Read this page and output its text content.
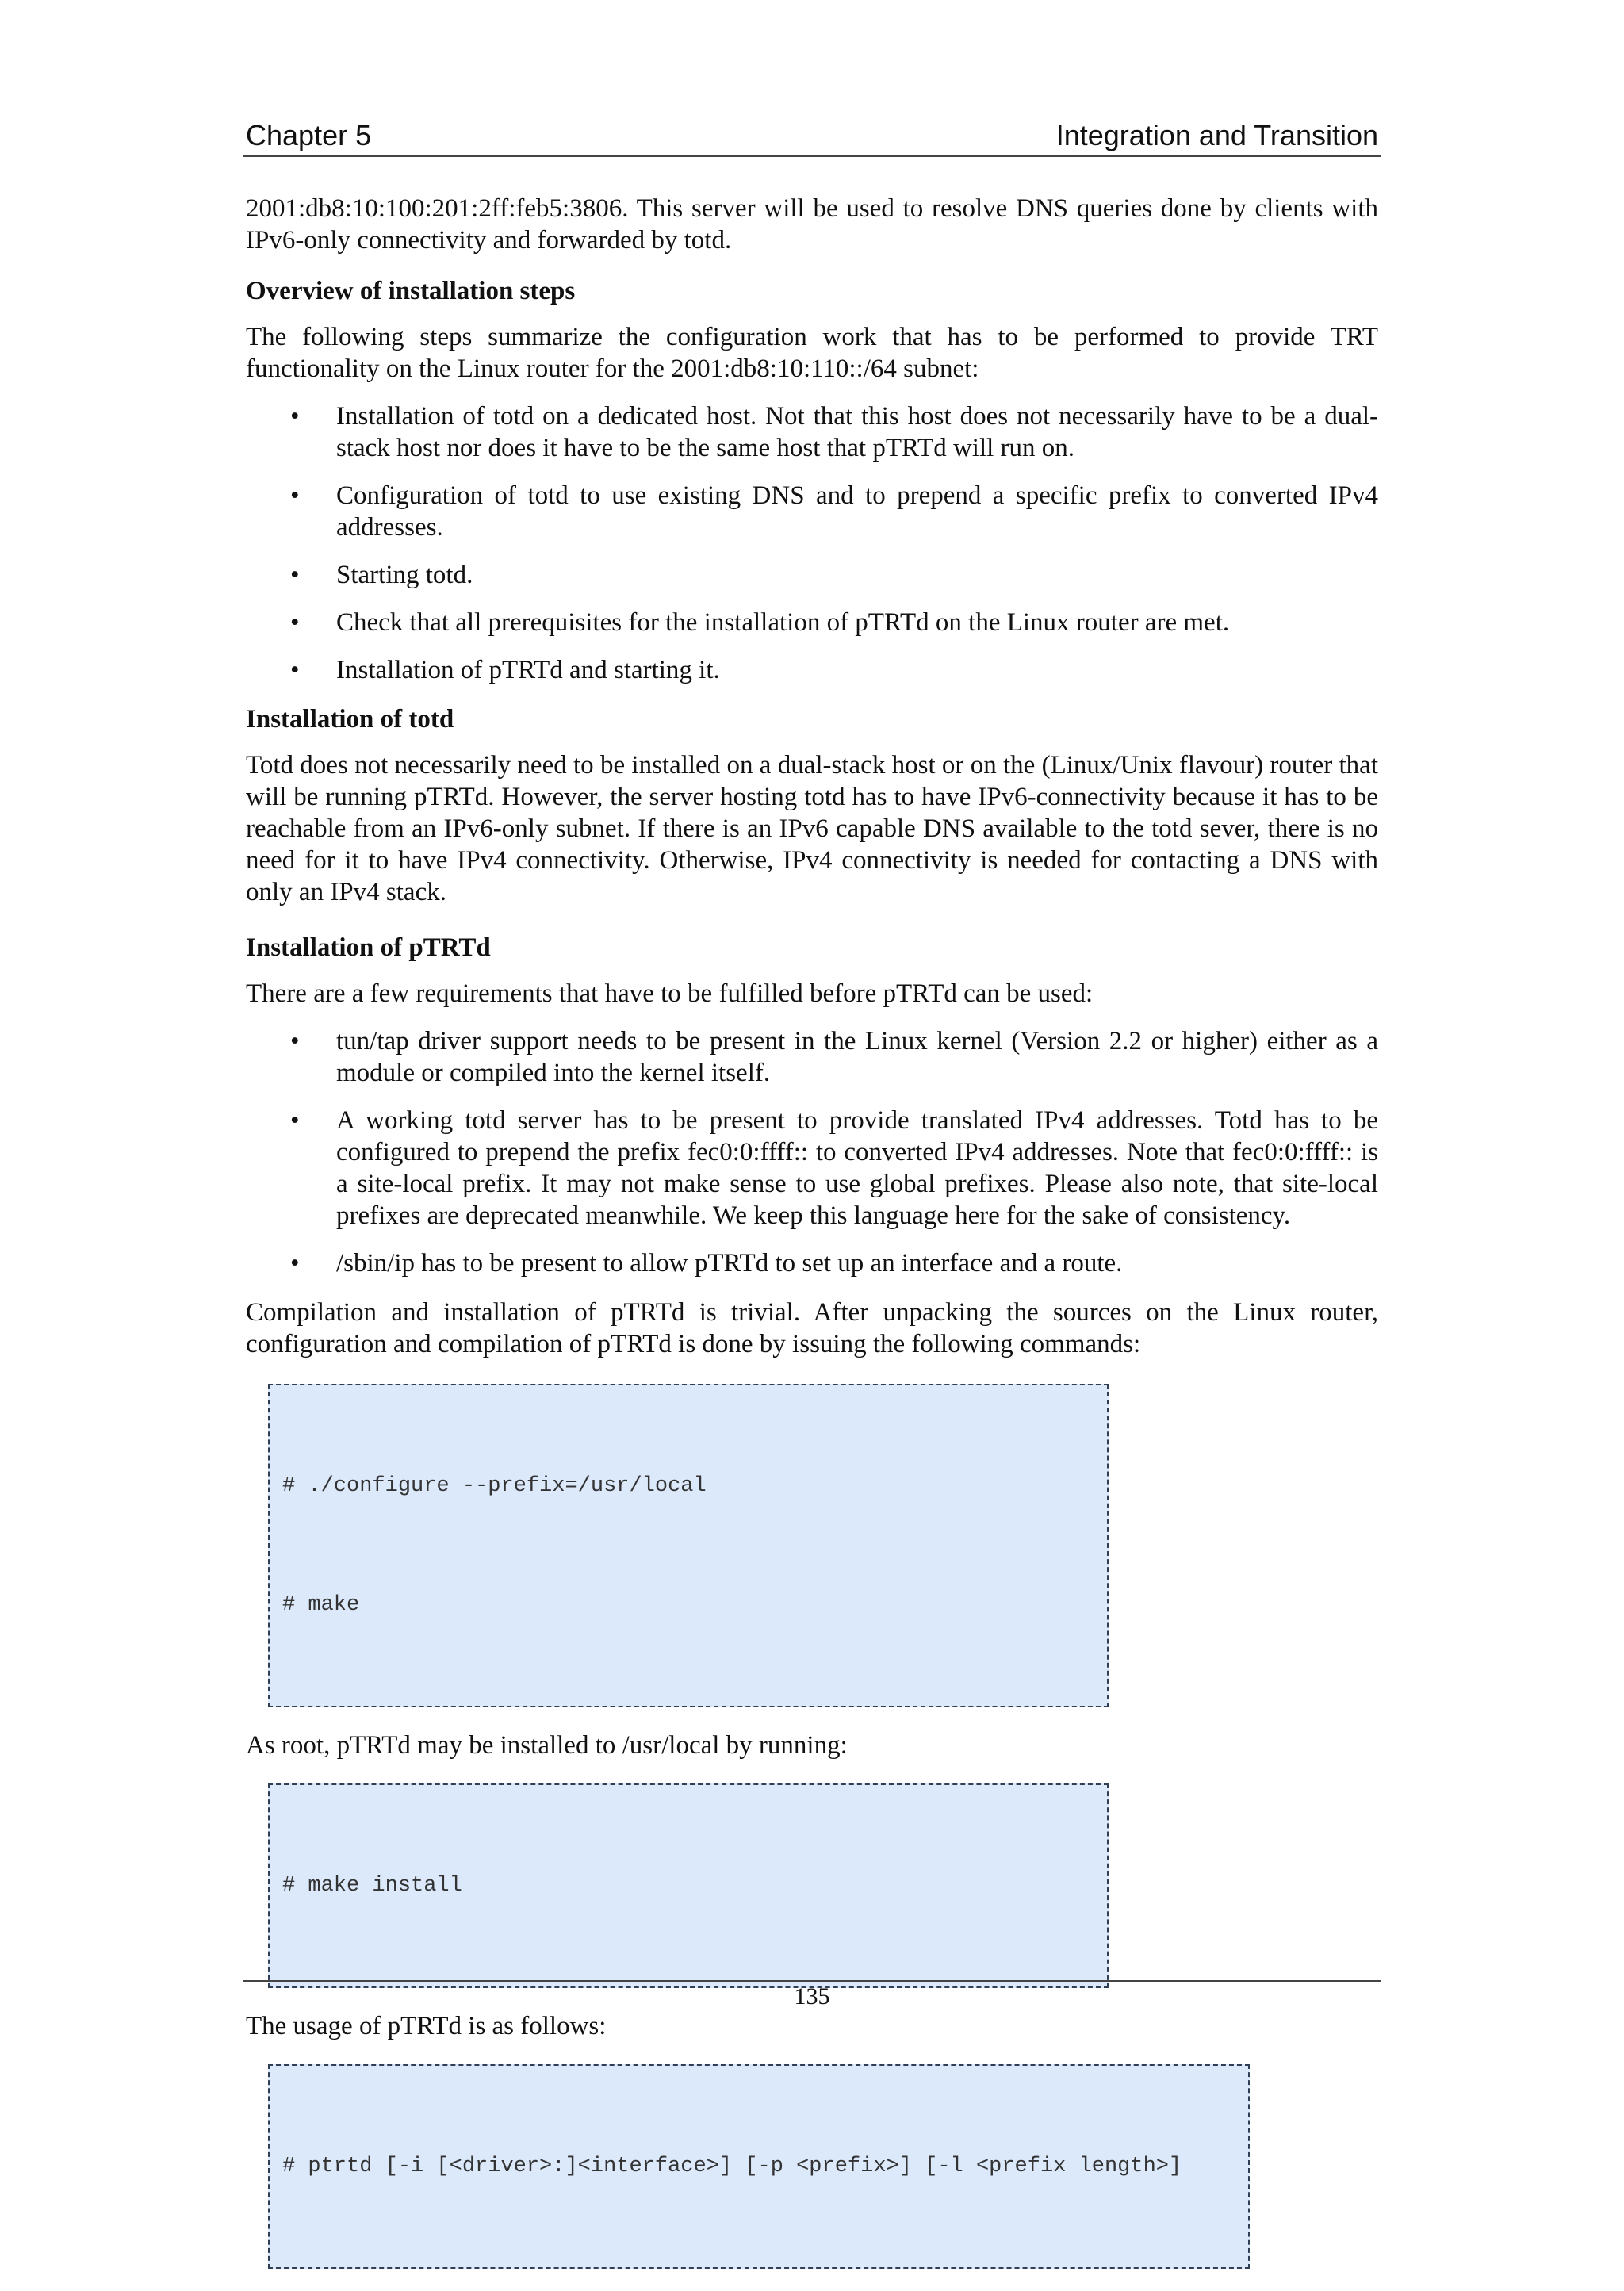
Chapter 5	Integration and Transition

2001:db8:10:100:201:2ff:feb5:3806. This server will be used to resolve DNS queries done by clients with IPv6-only connectivity and forwarded by totd.

Overview of installation steps

The following steps summarize the configuration work that has to be performed to provide TRT functionality on the Linux router for the 2001:db8:10:110::/64 subnet:

• Installation of totd on a dedicated host. Not that this host does not necessarily have to be a dual-stack host nor does it have to be the same host that pTRTd will run on.
• Configuration of totd to use existing DNS and to prepend a specific prefix to converted IPv4 addresses.
• Starting totd.
• Check that all prerequisites for the installation of pTRTd on the Linux router are met.
• Installation of pTRTd and starting it.
Installation of totd

Totd does not necessarily need to be installed on a dual-stack host or on the (Linux/Unix flavour) router that will be running pTRTd. However, the server hosting totd has to have IPv6-connectivity because it has to be reachable from an IPv6-only subnet. If there is an IPv6 capable DNS available to the totd sever, there is no need for it to have IPv4 connectivity. Otherwise, IPv4 connectivity is needed for contacting a DNS with only an IPv4 stack.

Installation of pTRTd

There are a few requirements that have to be fulfilled before pTRTd can be used:

• tun/tap driver support needs to be present in the Linux kernel (Version 2.2 or higher) either as a module or compiled into the kernel itself.
• A working totd server has to be present to provide translated IPv4 addresses. Totd has to be configured to prepend the prefix fec0:0:ffff:: to converted IPv4 addresses. Note that fec0:0:ffff:: is a site-local prefix. It may not make sense to use global prefixes. Please also note, that site-local prefixes are deprecated meanwhile. We keep this language here for the sake of consistency.
• /sbin/ip has to be present to allow pTRTd to set up an interface and a route.

Compilation and installation of pTRTd is trivial. After unpacking the sources on the Linux router, configuration and compilation of pTRTd is done by issuing the following commands:

# ./configure --prefix=/usr/local

# make

As root, pTRTd may be installed to /usr/local by running:

# make install

The usage of pTRTd is as follows:

# ptrtd [-i [<driver>:]<interface>] [-p <prefix>] [-l <prefix length>]

135
